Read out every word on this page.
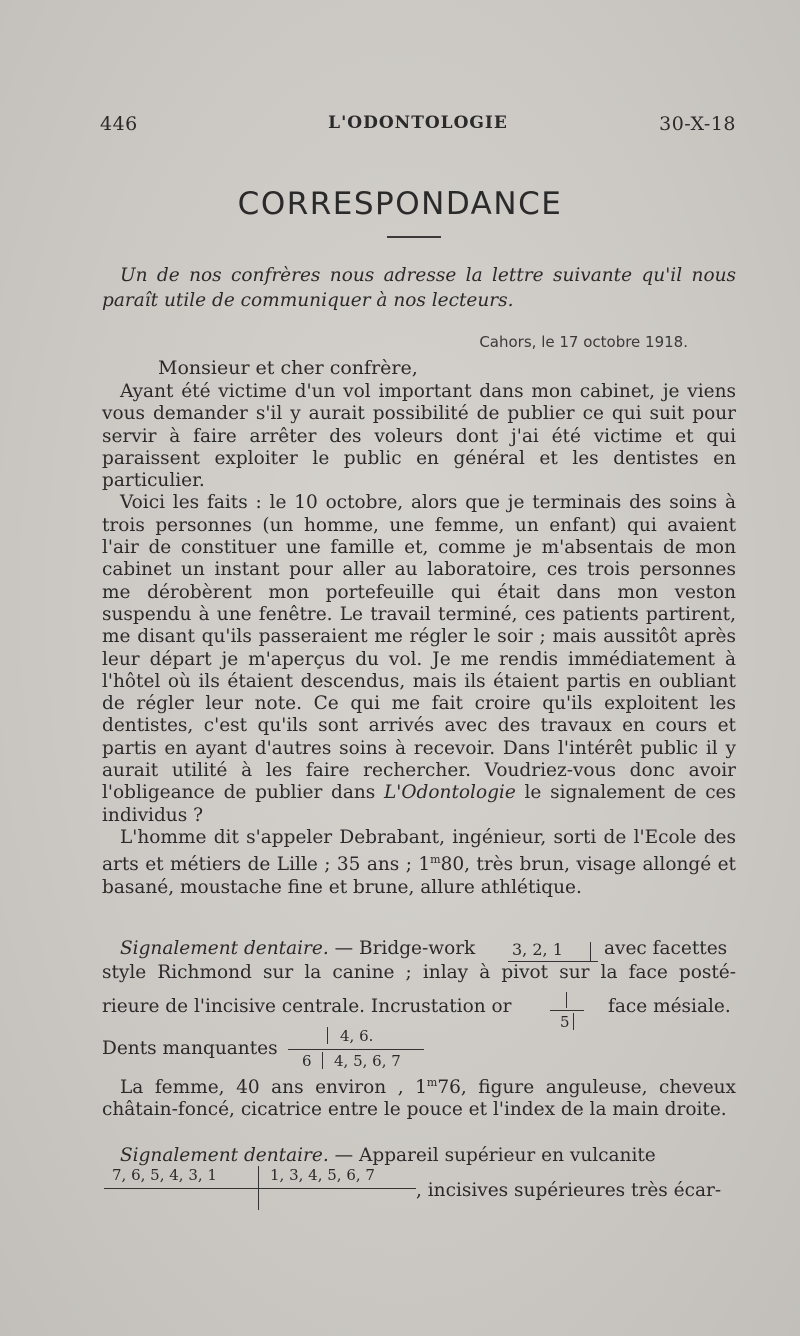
446	L'ODONTOLOGIE	30-X-18
CORRESPONDANCE
Un de nos confrères nous adresse la lettre suivante qu'il nous paraît utile de communiquer à nos lecteurs.
Cahors, le 17 octobre 1918.
Monsieur et cher confrère,

Ayant été victime d'un vol important dans mon cabinet, je viens vous demander s'il y aurait possibilité de publier ce qui suit pour servir à faire arrêter des voleurs dont j'ai été victime et qui paraissent exploiter le public en général et les dentistes en particulier.

Voici les faits : le 10 octobre, alors que je terminais des soins à trois personnes (un homme, une femme, un enfant) qui avaient l'air de constituer une famille et, comme je m'absentais de mon cabinet un instant pour aller au laboratoire, ces trois personnes me dérobèrent mon portefeuille qui était dans mon veston suspendu à une fenêtre. Le travail terminé, ces patients partirent, me disant qu'ils passeraient me régler le soir ; mais aussitôt après leur départ je m'aperçus du vol. Je me rendis immédiatement à l'hôtel où ils étaient descendus, mais ils étaient partis en oubliant de régler leur note. Ce qui me fait croire qu'ils exploitent les dentistes, c'est qu'ils sont arrivés avec des travaux en cours et partis en ayant d'autres soins à recevoir. Dans l'intérêt public il y aurait utilité à les faire rechercher. Voudriez-vous donc avoir l'obligeance de publier dans L'Odontologie le signalement de ces individus ?

L'homme dit s'appeler Debrabant, ingénieur, sorti de l'Ecole des arts et métiers de Lille ; 35 ans ; 1$^m$80, très brun, visage allongé et basané, moustache fine et brune, allure athlétique.

Signalement dentaire. — Bridge-work 3, 2, 1 avec facettes
style Richmond sur la canine ; inlay à pivot sur la face posté-
rieure de l'incisive centrale. Incrustation or
5
face mésiale.
Dents manquantes
4, 6.
6 4, 5, 6, 7
La femme, 40 ans environ , 1$^m$76, figure anguleuse, cheveux châtain-foncé, cicatrice entre le pouce et l'index de la main droite.
Signalement dentaire. — Appareil supérieur en vulcanite
7, 6, 5, 4, 3, 1	1, 3, 4, 5, 6, 7
, incisives supérieures très écar-
